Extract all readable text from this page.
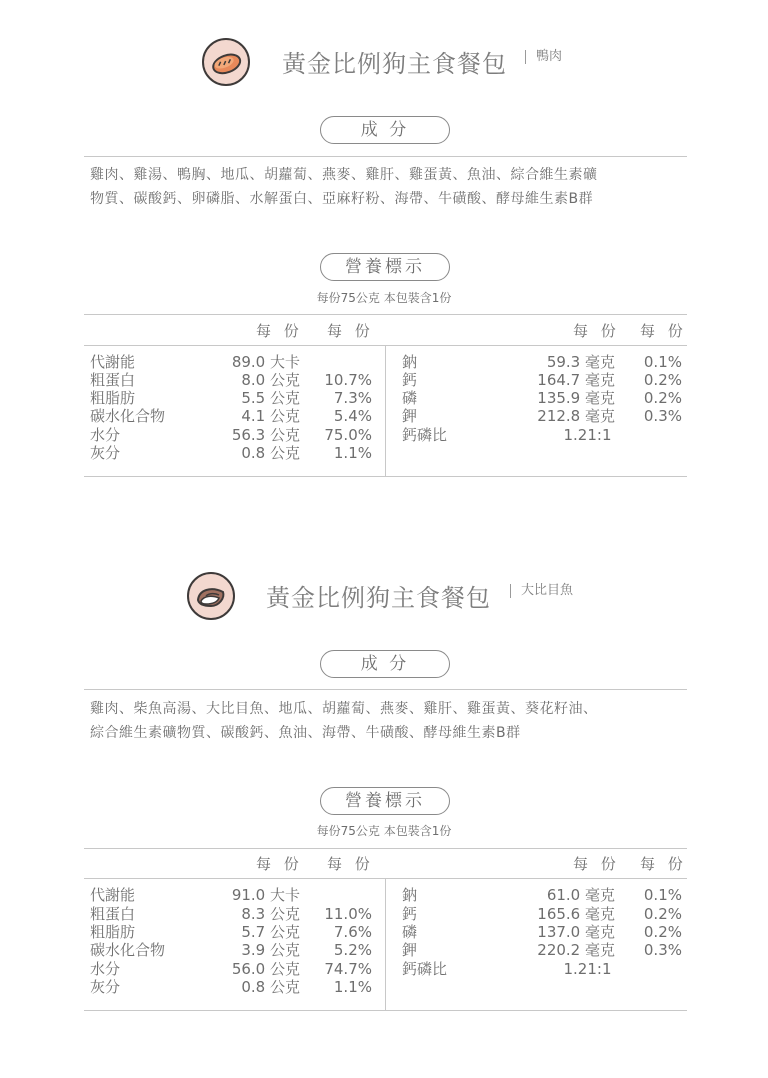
黃金比例狗主食餐包	鴨肉
成 分
雞肉、雞湯、鴨胸、地瓜、胡蘿蔔、燕麥、雞肝、雞蛋黃、魚油、綜合維生素礦
物質、碳酸鈣、卵磷脂、水解蛋白、亞麻籽粉、海帶、牛磺酸、酵母維生素B群
營養標示
每份75公克 本包裝含1份
每 份 每 份	每 份 每 份
代謝能	89.0 大卡
粗蛋白	8.0 公克 10.7%
粗脂肪	5.5 公克 7.3%
碳水化合物	4.1 公克 5.4%
水分	56.3 公克 75.0%
灰分	0.8 公克 1.1%
鈉	59.3 毫克 0.1%
鈣	164.7 毫克 0.2%
磷	135.9 毫克 0.2%
鉀	212.8 毫克 0.3%
鈣磷比	1.21:1
黃金比例狗主食餐包	大比目魚
成 分
雞肉、柴魚高湯、大比目魚、地瓜、胡蘿蔔、燕麥、雞肝、雞蛋黃、葵花籽油、
綜合維生素礦物質、碳酸鈣、魚油、海帶、牛磺酸、酵母維生素B群
營養標示
每份75公克 本包裝含1份
每 份 每 份	每 份 每 份
代謝能	91.0 大卡
粗蛋白	8.3 公克 11.0%
粗脂肪	5.7 公克 7.6%
碳水化合物	3.9 公克 5.2%
水分	56.0 公克 74.7%
灰分	0.8 公克 1.1%
鈉	61.0 毫克 0.1%
鈣	165.6 毫克 0.2%
磷	137.0 毫克 0.2%
鉀	220.2 毫克 0.3%
鈣磷比	1.21:1
